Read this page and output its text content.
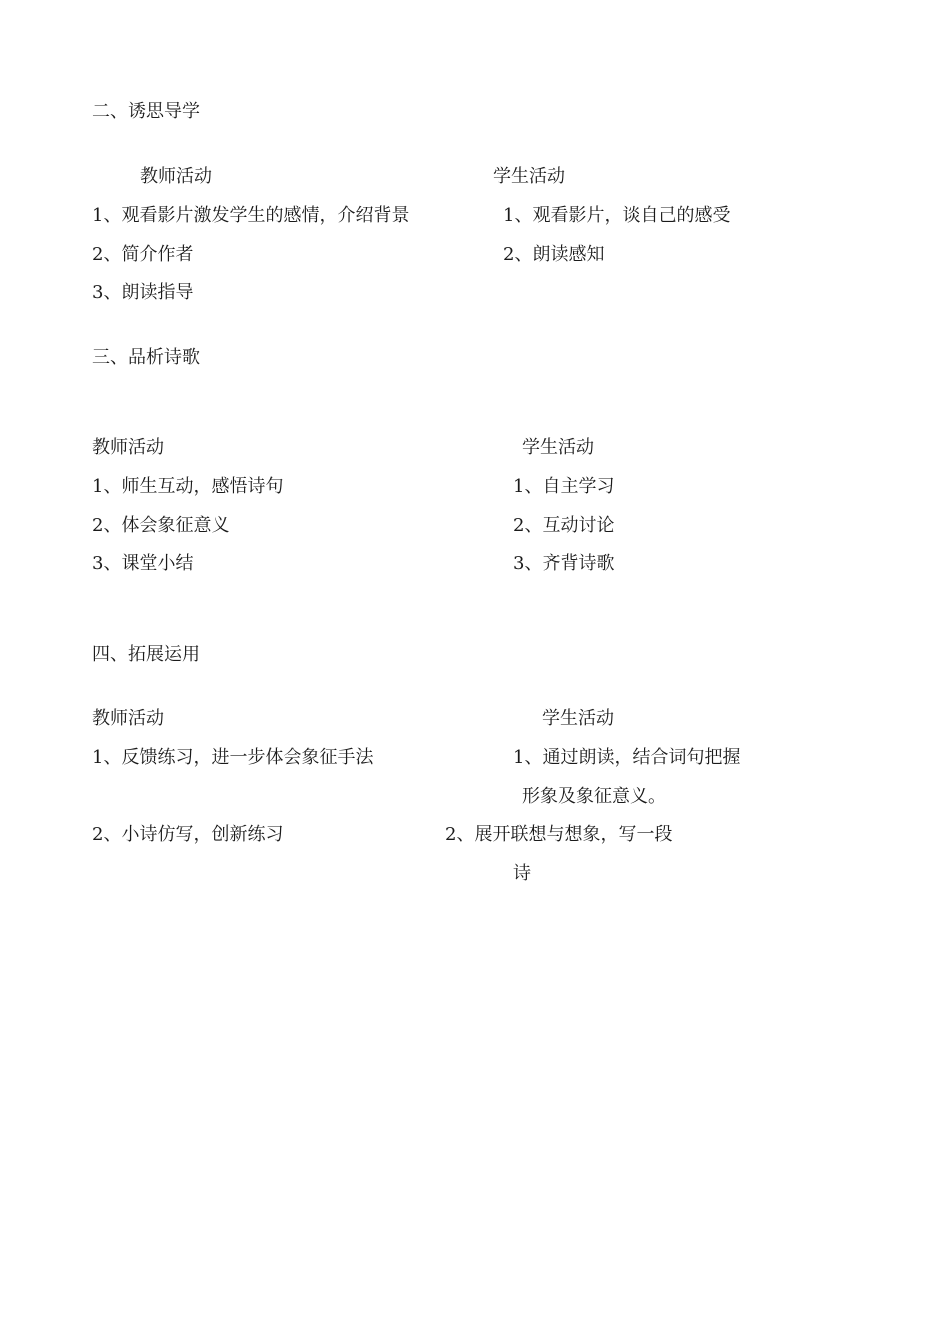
二、诱思导学
教师活动	学生活动
1、观看影片激发学生的感情，介绍背景	1、观看影片，谈自己的感受
2、简介作者	2、朗读感知
3、朗读指导
三、品析诗歌
教师活动	学生活动
1、师生互动，感悟诗句	1、自主学习
2、体会象征意义	2、互动讨论
3、课堂小结	3、齐背诗歌
四、拓展运用
教师活动	学生活动
1、反馈练习，进一步体会象征手法	1、通过朗读，结合词句把握
形象及象征意义。
2、小诗仿写，创新练习	2、展开联想与想象，写一段
诗
